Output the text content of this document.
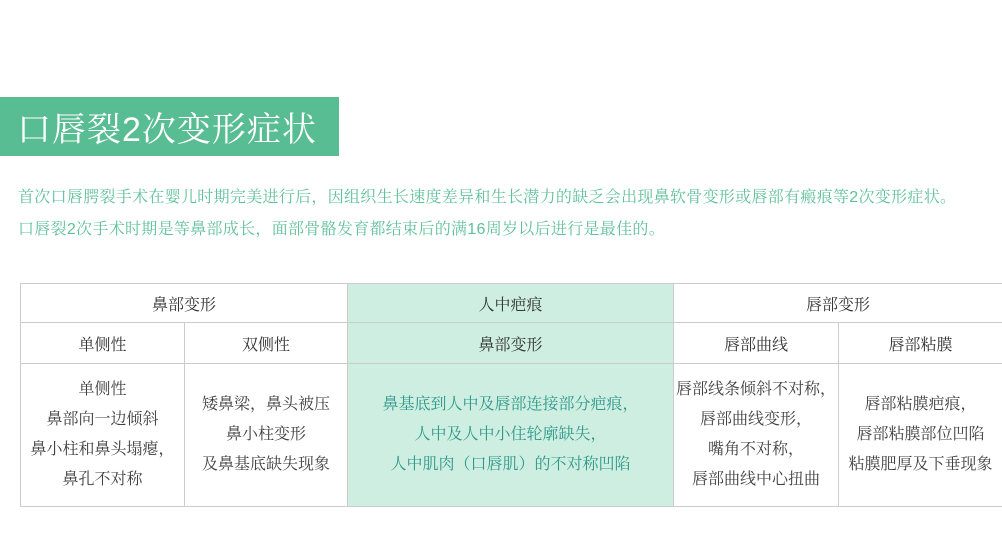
口唇裂2次变形症状
首次口唇腭裂手术在婴儿时期完美进行后，因组织生长速度差异和生长潜力的缺乏会出现鼻软骨变形或唇部有瘢痕等2次变形症状。
口唇裂2次手术时期是等鼻部成长，面部骨骼发育都结束后的满16周岁以后进行是最佳的。
鼻部变形		人中疤痕	唇部变形	
单侧性	双侧性	鼻部变形	唇部曲线	唇部粘膜

单侧性
鼻部向一边倾斜
鼻小柱和鼻头塌瘪，
鼻孔不对称

矮鼻梁，鼻头被压
鼻小柱变形
及鼻基底缺失现象

鼻基底到人中及唇部连接部分疤痕，
人中及人中小住轮廓缺失，
人中肌肉（口唇肌）的不对称凹陷

唇部线条倾斜不对称，
唇部曲线变形，
嘴角不对称，
唇部曲线中心扭曲

唇部粘膜疤痕，
唇部粘膜部位凹陷
粘膜肥厚及下垂现象
